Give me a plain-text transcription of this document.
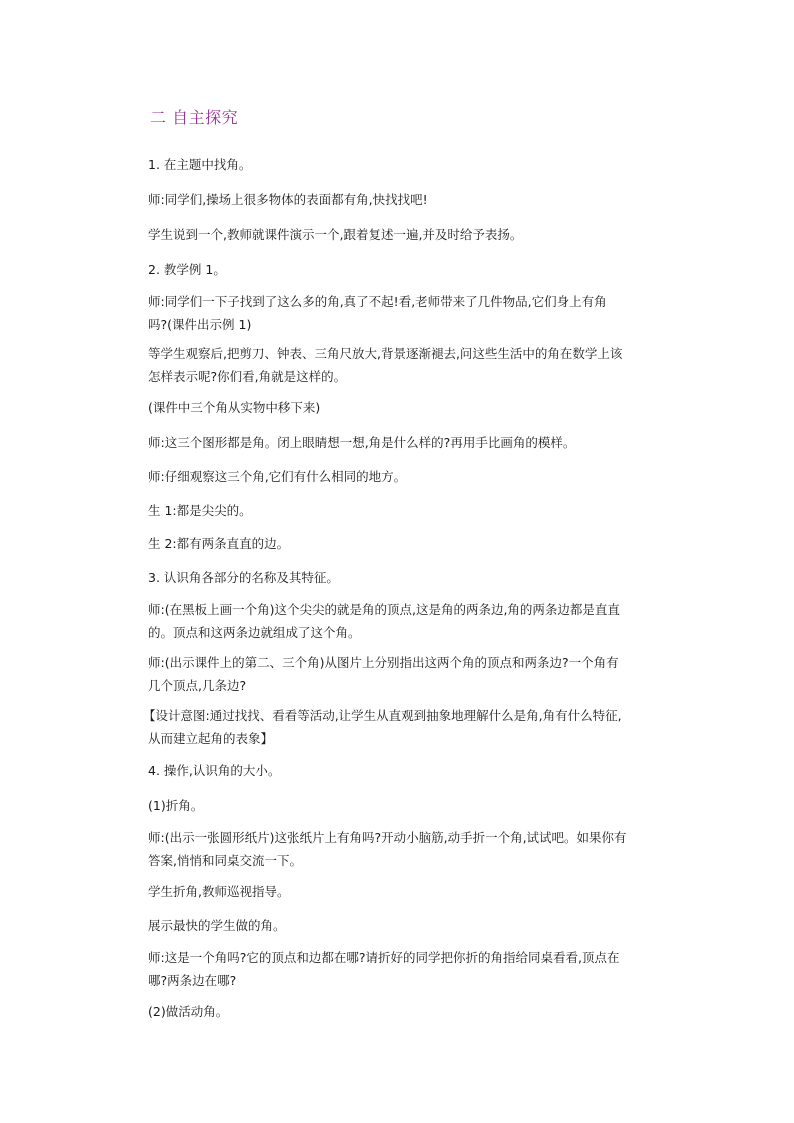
二 自主探究
1. 在主题中找角。
师:同学们,操场上很多物体的表面都有角,快找找吧!
学生说到一个,教师就课件演示一个,跟着复述一遍,并及时给予表扬。
2. 教学例 1。
师:同学们一下子找到了这么多的角,真了不起!看,老师带来了几件物品,它们身上有角
吗?(课件出示例 1)
等学生观察后,把剪刀、钟表、三角尺放大,背景逐渐褪去,问这些生活中的角在数学上该
怎样表示呢?你们看,角就是这样的。
(课件中三个角从实物中移下来)
师:这三个图形都是角。闭上眼睛想一想,角是什么样的?再用手比画角的模样。
师:仔细观察这三个角,它们有什么相同的地方。
生 1:都是尖尖的。
生 2:都有两条直直的边。
3. 认识角各部分的名称及其特征。
师:(在黑板上画一个角)这个尖尖的就是角的顶点,这是角的两条边,角的两条边都是直直
的。顶点和这两条边就组成了这个角。
师:(出示课件上的第二、三个角)从图片上分别指出这两个角的顶点和两条边?一个角有
几个顶点,几条边?
【设计意图:通过找找、看看等活动,让学生从直观到抽象地理解什么是角,角有什么特征,
从而建立起角的表象】
4. 操作,认识角的大小。
(1)折角。
师:(出示一张圆形纸片)这张纸片上有角吗?开动小脑筋,动手折一个角,试试吧。如果你有
答案,悄悄和同桌交流一下。
学生折角,教师巡视指导。
展示最快的学生做的角。
师:这是一个角吗?它的顶点和边都在哪?请折好的同学把你折的角指给同桌看看,顶点在
哪?两条边在哪?
(2)做活动角。
